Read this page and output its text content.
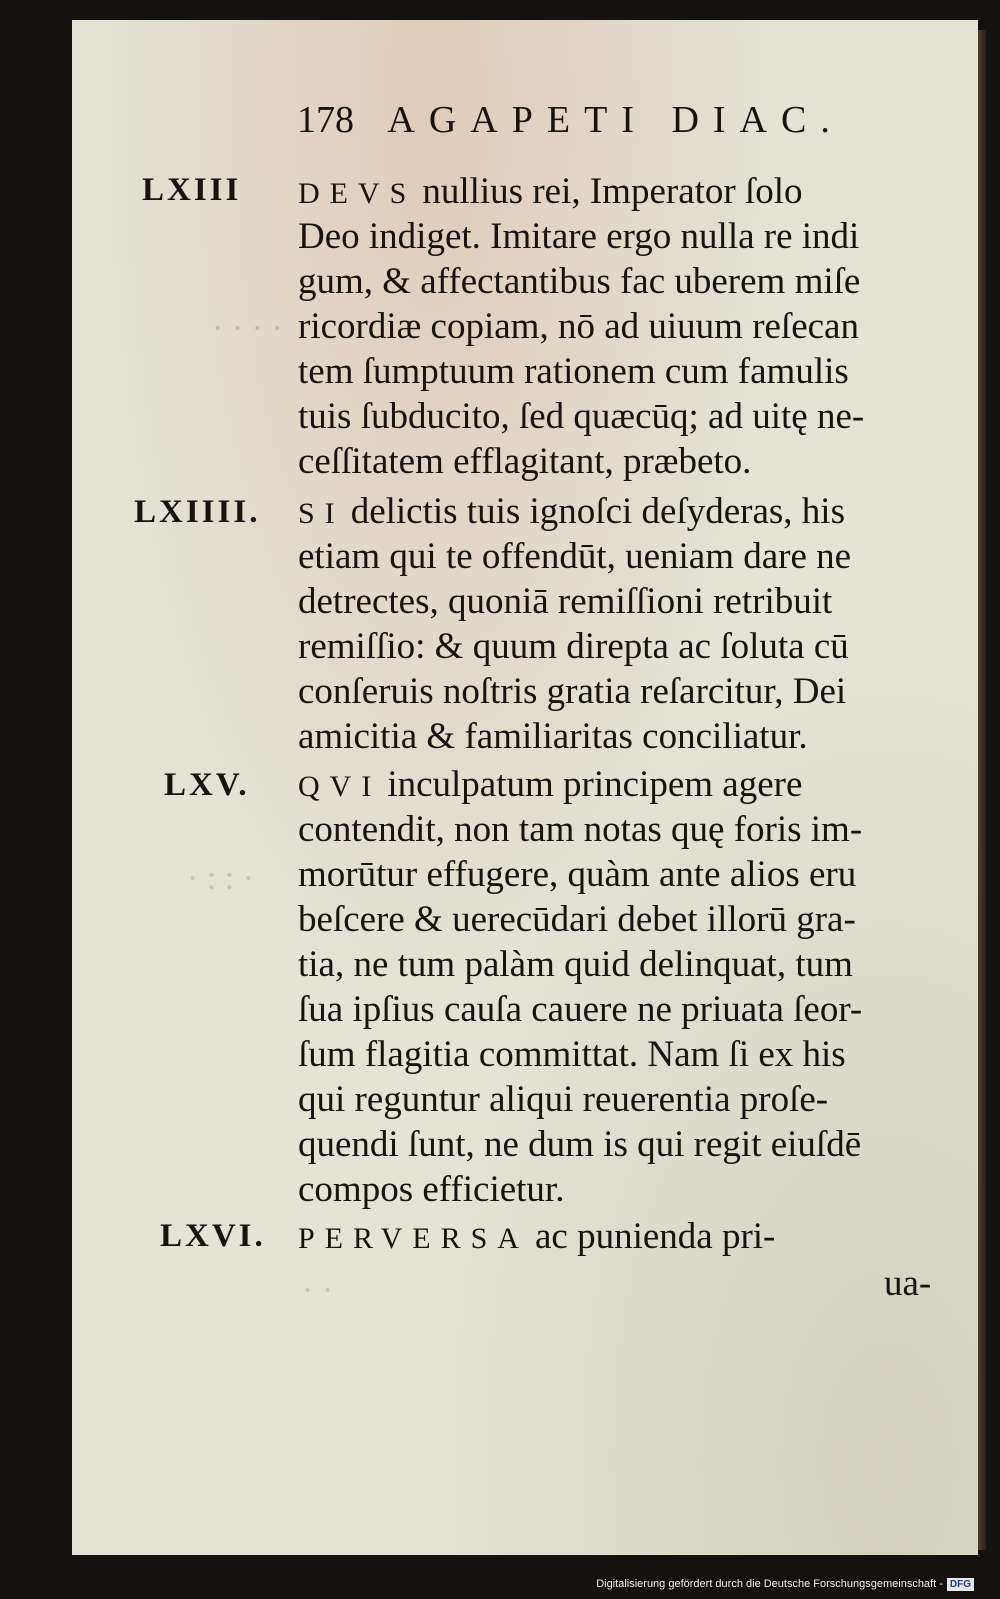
178 AGAPETI DIAC.
· · · ·
· : : ·
· ·
LXIII DEVS nullius rei, Imperator ſolo
Deo indiget. Imitare ergo nulla re indi
gum, & affectantibus fac uberem miſe
ricordiæ copiam, nō ad uiuum reſecan
tem ſumptuum rationem cum famulis
tuis ſubducito, ſed quæcūq; ad uitę ne-
ceſſitatem efflagitant, præbeto.
LXIIII. SI delictis tuis ignoſci deſyderas, his
etiam qui te offendūt, ueniam dare ne
detrectes, quoniā remiſſioni retribuit
remiſſio: & quum direpta ac ſoluta cū
conſeruis noſtris gratia reſarcitur, Dei
amicitia & familiaritas conciliatur.
LXV. QVI inculpatum principem agere
contendit, non tam notas quę foris im-
morūtur effugere, quàm ante alios eru
beſcere & uerecūdari debet illorū gra-
tia, ne tum palàm quid delinquat, tum
ſua ipſius cauſa cauere ne priuata ſeor-
ſum flagitia committat. Nam ſi ex his
qui reguntur aliqui reuerentia proſe-
quendi ſunt, ne dum is qui regit eiuſdē
compos efficietur.
LXVI. PERVERSA ac punienda pri-
ua-
Digitalisierung gefördert durch die Deutsche Forschungsgemeinschaft - DFG
